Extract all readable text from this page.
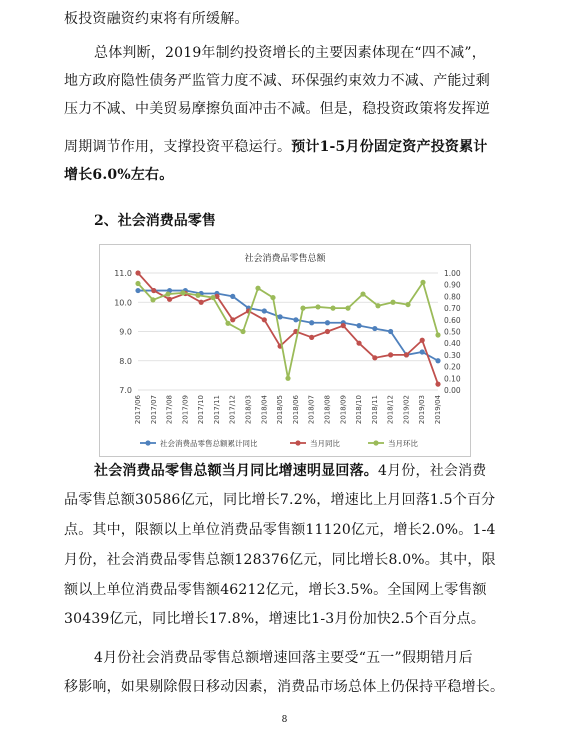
板投资融资约束将有所缓解。
总体判断，2019年制约投资增长的主要因素体现在“四不减”，
地方政府隐性债务严监管力度不减、环保强约束效力不减、产能过剩
压力不减、中美贸易摩擦负面冲击不减。但是，稳投资政策将发挥逆
周期调节作用，支撑投资平稳运行。预计1-5月份固定资产投资累计
增长6.0%左右。
2、社会消费品零售
社会消费品零售总额
7.0
8.0
9.0
10.0
11.0
0.00
0.10
0.20
0.30
0.40
0.50
0.60
0.70
0.80
0.90
1.00
2017/06 2017/07 2017/08 2017/09 2017/10 2017/11 2017/12 2018/03 2018/04 2018/05 2018/06 2018/07 2018/08 2018/09 2018/10 2018/11 2018/12 2019/02 2019/03 2019/04
社会消费品零售总额累计同比	当月同比	当月环比
社会消费品零售总额当月同比增速明显回落。4月份，社会消费
品零售总额30586亿元，同比增长7.2%，增速比上月回落1.5个百分
点。其中，限额以上单位消费品零售额11120亿元，增长2.0%。1-4
月份，社会消费品零售总额128376亿元，同比增长8.0%。其中，限
额以上单位消费品零售额46212亿元，增长3.5%。全国网上零售额
30439亿元，同比增长17.8%，增速比1-3月份加快2.5个百分点。
4月份社会消费品零售总额增速回落主要受“五一”假期错月后
移影响，如果剔除假日移动因素，消费品市场总体上仍保持平稳增长。
8
